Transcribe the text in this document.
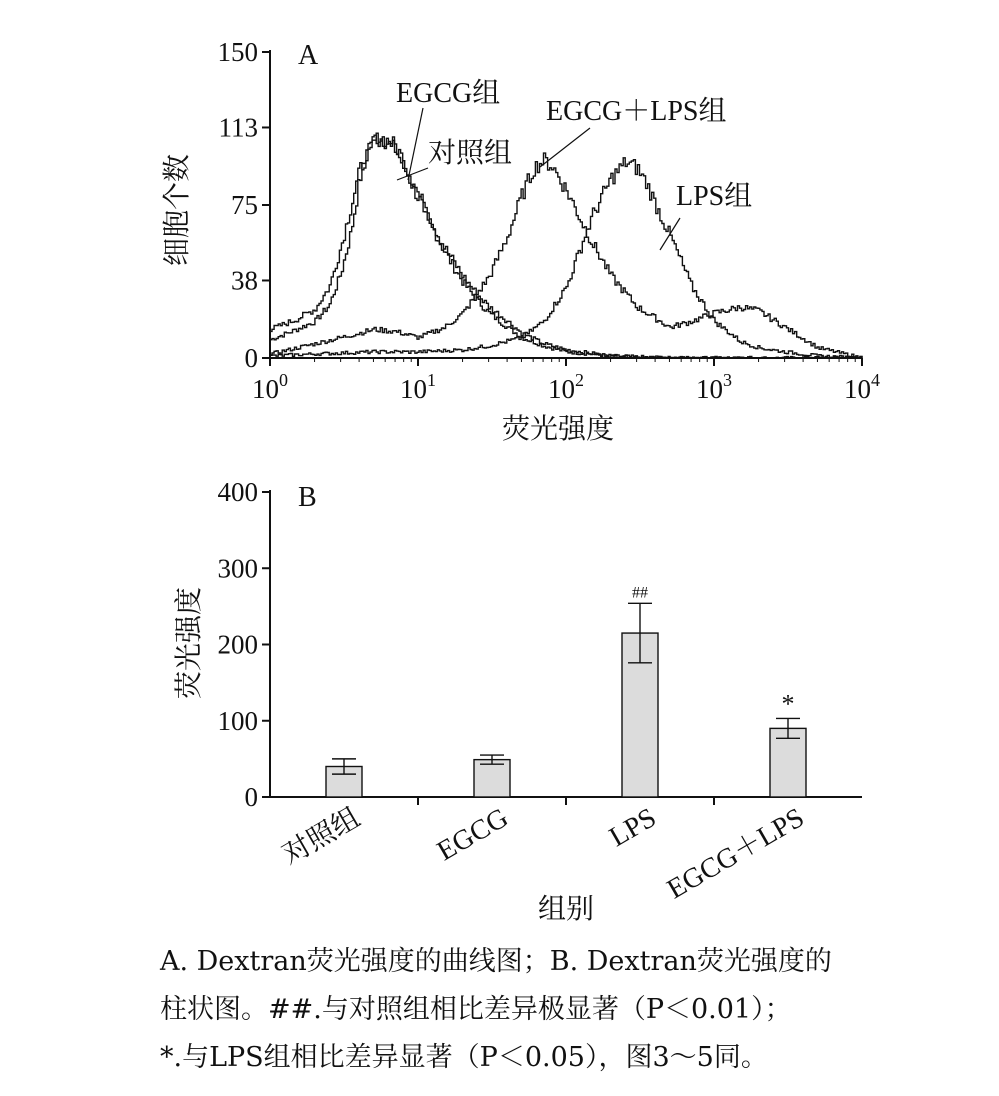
A
0
38
75
113
150
$10^0$	$10^1$	$10^2$	$10^3$	$10^4$
荧光强度
细胞个数
EGCG组
对照组
EGCG＋LPS组
LPS组
B
0
100
200
300
400
对照组 EGCG
##
LPS
*
EGCG＋LPS
组别
荧光强度

A. Dextran荧光强度的曲线图；B. Dextran荧光强度的

柱状图。##.与对照组相比差异极显著（P＜0.01）；

*.与LPS组相比差异显著（P＜0.05），图3～5同。
